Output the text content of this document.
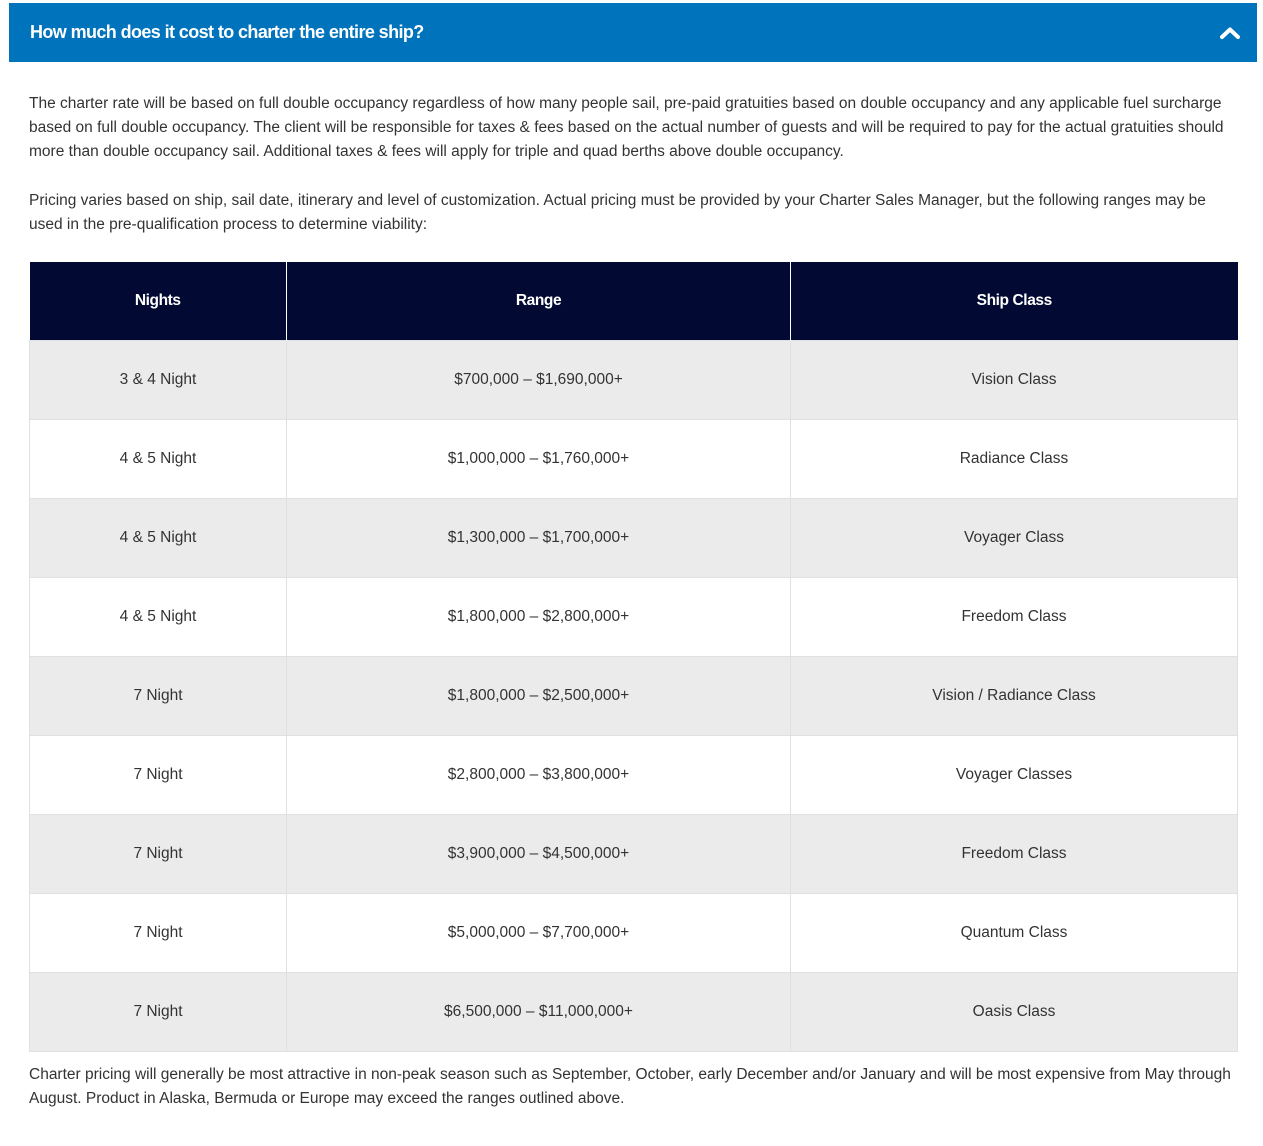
How much does it cost to charter the entire ship?

The charter rate will be based on full double occupancy regardless of how many people sail, pre-paid gratuities based on double occupancy and any applicable fuel surcharge based on full double occupancy. The client will be responsible for taxes & fees based on the actual number of guests and will be required to pay for the actual gratuities should more than double occupancy sail. Additional taxes & fees will apply for triple and quad berths above double occupancy.

Pricing varies based on ship, sail date, itinerary and level of customization. Actual pricing must be provided by your Charter Sales Manager, but the following ranges may be used in the pre-qualification process to determine viability:

Nights	Range	Ship Class
3 & 4 Night	$700,000 – $1,690,000+	Vision Class
4 & 5 Night	$1,000,000 – $1,760,000+	Radiance Class
4 & 5 Night	$1,300,000 – $1,700,000+	Voyager Class
4 & 5 Night	$1,800,000 – $2,800,000+	Freedom Class
7 Night	$1,800,000 – $2,500,000+	Vision / Radiance Class
7 Night	$2,800,000 – $3,800,000+	Voyager Classes
7 Night	$3,900,000 – $4,500,000+	Freedom Class
7 Night	$5,000,000 – $7,700,000+	Quantum Class
7 Night	$6,500,000 – $11,000,000+	Oasis Class

Charter pricing will generally be most attractive in non-peak season such as September, October, early December and/or January and will be most expensive from May through August. Product in Alaska, Bermuda or Europe may exceed the ranges outlined above.
